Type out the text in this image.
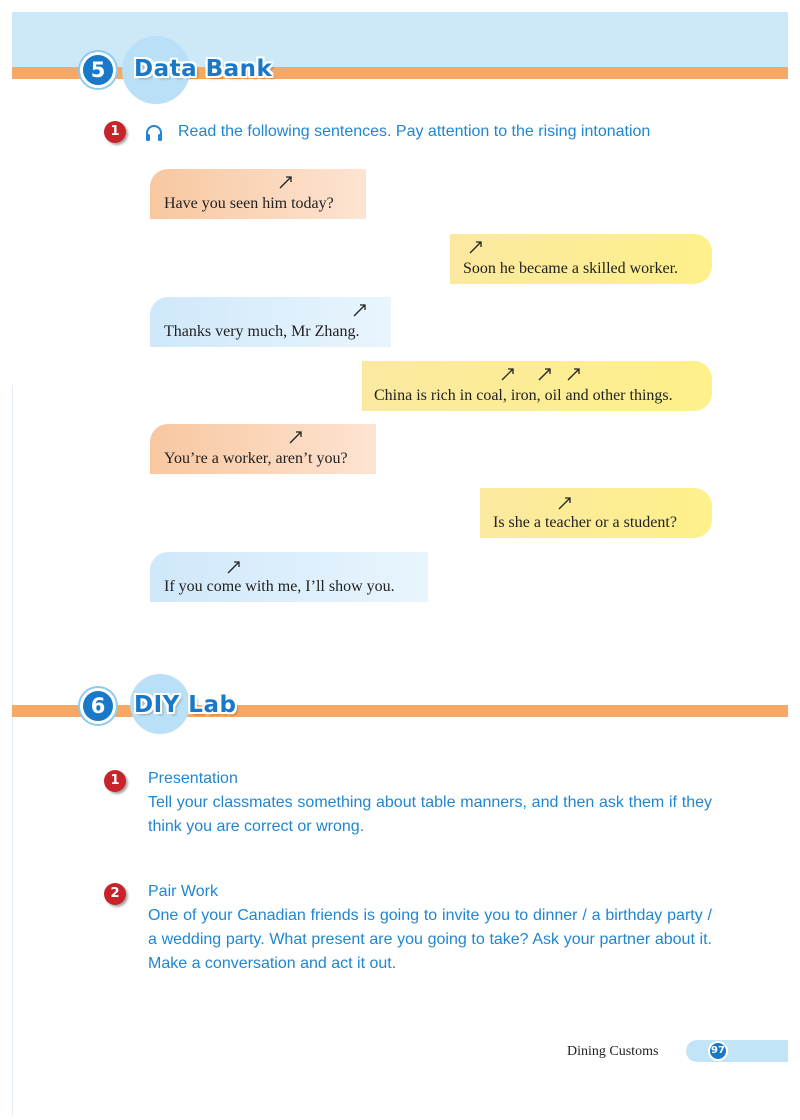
5	Data Bank
1	Read the following sentences. Pay attention to the rising intonation
Have you seen him today?
Soon he became a skilled worker.
Thanks very much, Mr Zhang.
China is rich in coal, iron, oil and other things.
You’re a worker, aren’t you?
Is she a teacher or a student?
If you come with me, I’ll show you.
6	DIY Lab
1	Presentation
Tell your classmates something about table manners, and then ask them if they think you are correct or wrong.
2	Pair Work
One of your Canadian friends is going to invite you to dinner / a birthday party / a wedding party. What present are you going to take? Ask your partner about it. Make a conversation and act it out.
Dining Customs	97
